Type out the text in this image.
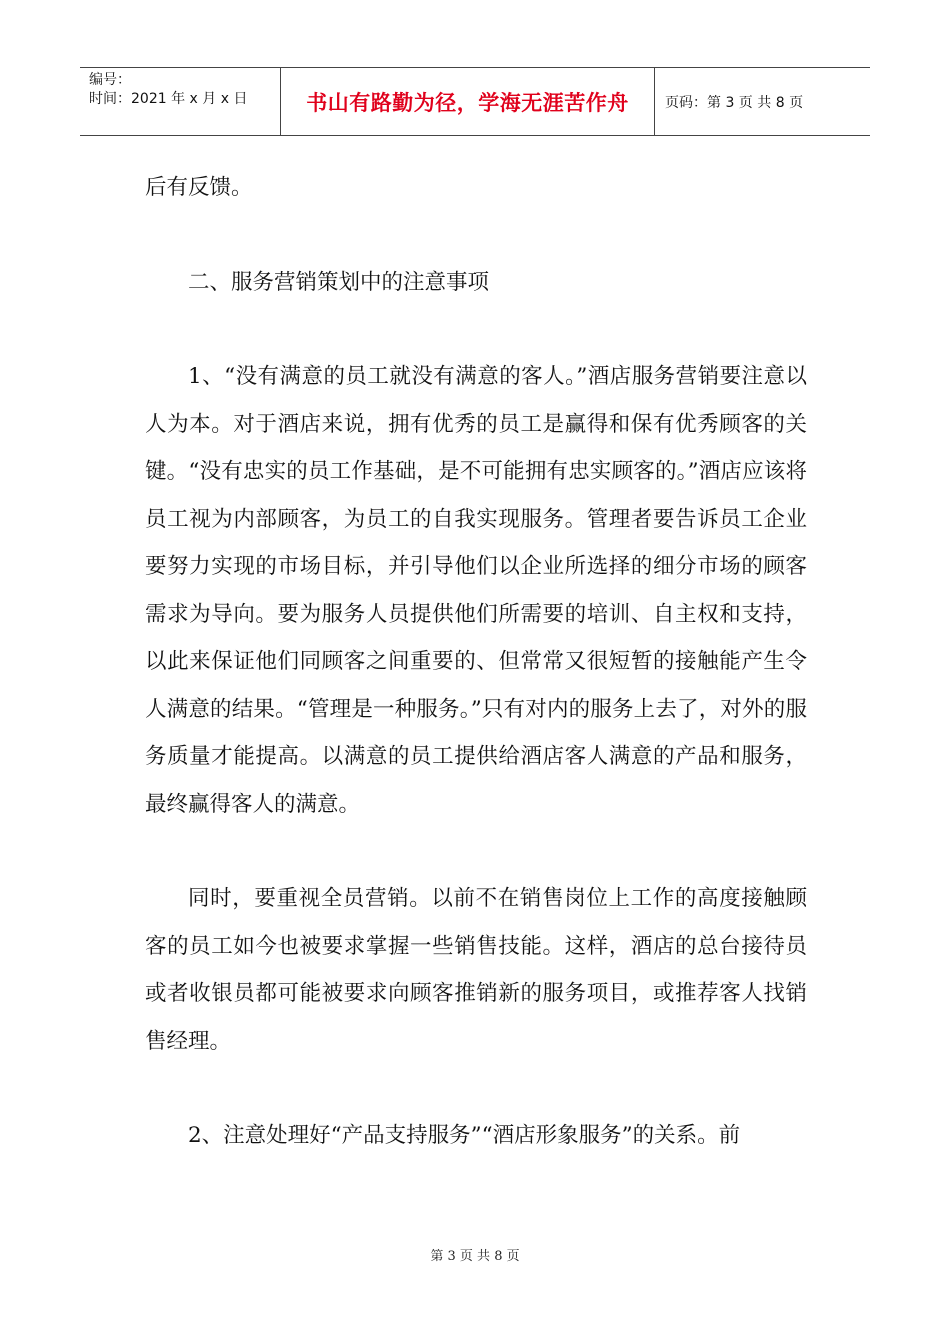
编号：
时间：2021 年 x 月 x 日	书山有路勤为径，学海无涯苦作舟	页码：第 3 页 共 8 页

后有反馈。

二、服务营销策划中的注意事项

1、“没有满意的员工就没有满意的客人。”酒店服务营销要注意以人为本。对于酒店来说，拥有优秀的员工是赢得和保有优秀顾客的关键。“没有忠实的员工作基础，是不可能拥有忠实顾客的。”酒店应该将员工视为内部顾客，为员工的自我实现服务。管理者要告诉员工企业要努力实现的市场目标，并引导他们以企业所选择的细分市场的顾客需求为导向。要为服务人员提供他们所需要的培训、自主权和支持，以此来保证他们同顾客之间重要的、但常常又很短暂的接触能产生令人满意的结果。“管理是一种服务。”只有对内的服务上去了，对外的服务质量才能提高。以满意的员工提供给酒店客人满意的产品和服务，最终赢得客人的满意。

同时，要重视全员营销。以前不在销售岗位上工作的高度接触顾客的员工如今也被要求掌握一些销售技能。这样，酒店的总台接待员或者收银员都可能被要求向顾客推销新的服务项目，或推荐客人找销售经理。

2、注意处理好“产品支持服务”“酒店形象服务”的关系。前

第 3 页 共 8 页
